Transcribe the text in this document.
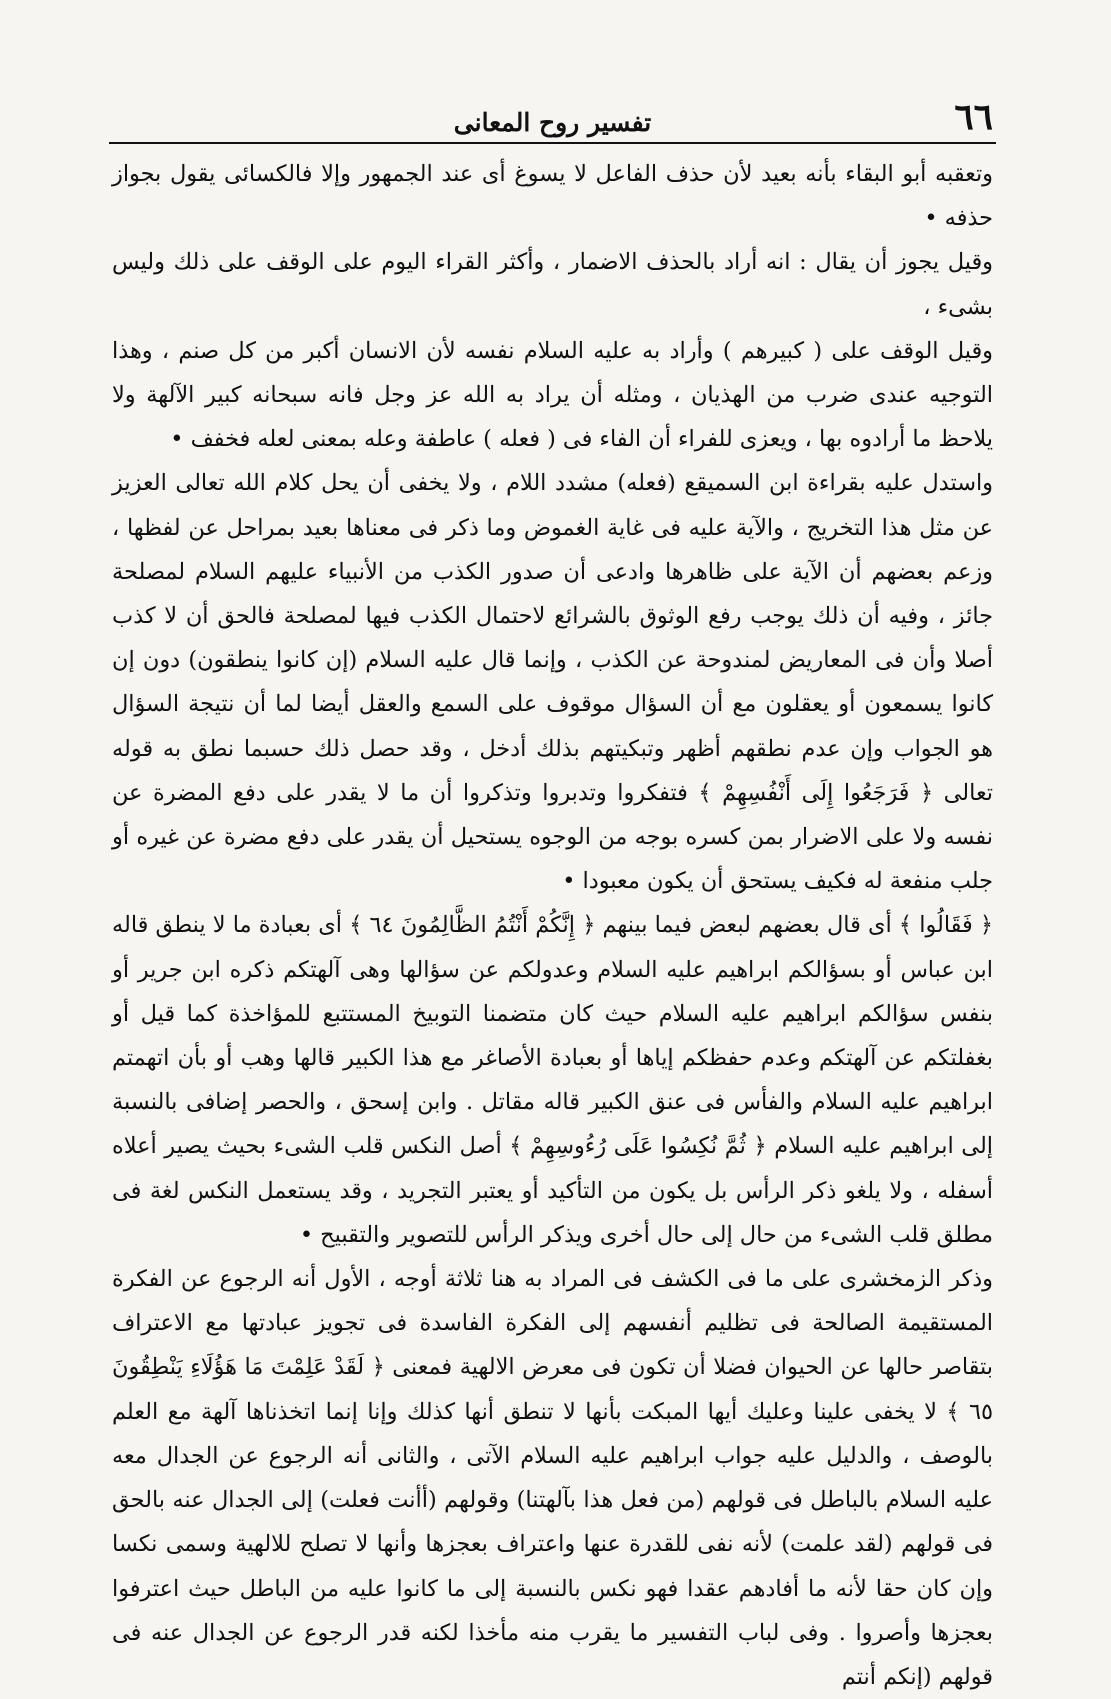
٦٦
تفسير روح المعانى

وتعقبه أبو البقاء بأنه بعيد لأن حذف الفاعل لا يسوغ أى عند الجمهور وإلا فالكسائى يقول بجواز حذفه •

وقيل يجوز أن يقال : انه أراد بالحذف الاضمار ، وأكثر القراء اليوم على الوقف على ذلك وليس بشىء ،

وقيل الوقف على ( كبيرهم ) وأراد به عليه السلام نفسه لأن الانسان أكبر من كل صنم ، وهذا التوجيه عندى ضرب من الهذيان ، ومثله أن يراد به الله عز وجل فانه سبحانه كبير الآلهة ولا يلاحظ ما أرادوه بها ، ويعزى للفراء أن الفاء فى ( فعله ) عاطفة وعله بمعنى لعله فخفف •

واستدل عليه بقراءة ابن السميقع (فعله) مشدد اللام ، ولا يخفى أن يحل كلام الله تعالى العزيز عن مثل هذا التخريج ، والآية عليه فى غاية الغموض وما ذكر فى معناها بعيد بمراحل عن لفظها ، وزعم بعضهم أن الآية على ظاهرها وادعى أن صدور الكذب من الأنبياء عليهم السلام لمصلحة جائز ، وفيه أن ذلك يوجب رفع الوثوق بالشرائع لاحتمال الكذب فيها لمصلحة فالحق أن لا كذب أصلا وأن فى المعاريض لمندوحة عن الكذب ، وإنما قال عليه السلام (إن كانوا ينطقون) دون إن كانوا يسمعون أو يعقلون مع أن السؤال موقوف على السمع والعقل أيضا لما أن نتيجة السؤال هو الجواب وإن عدم نطقهم أظهر وتبكيتهم بذلك أدخل ، وقد حصل ذلك حسبما نطق به قوله تعالى ﴿ فَرَجَعُوا إِلَى أَنْفُسِهِمْ ﴾ فتفكروا وتدبروا وتذكروا أن ما لا يقدر على دفع المضرة عن نفسه ولا على الاضرار بمن كسره بوجه من الوجوه يستحيل أن يقدر على دفع مضرة عن غيره أو جلب منفعة له فكيف يستحق أن يكون معبودا •

﴿ فَقَالُوا ﴾ أى قال بعضهم لبعض فيما بينهم ﴿ إِنَّكُمْ أَنْتُمُ الظَّالِمُونَ ٦٤ ﴾ أى بعبادة ما لا ينطق قاله ابن عباس أو بسؤالكم ابراهيم عليه السلام وعدولكم عن سؤالها وهى آلهتكم ذكره ابن جرير أو بنفس سؤالكم ابراهيم عليه السلام حيث كان متضمنا التوبيخ المستتبع للمؤاخذة كما قيل أو بغفلتكم عن آلهتكم وعدم حفظكم إياها أو بعبادة الأصاغر مع هذا الكبير قالها وهب أو بأن اتهمتم ابراهيم عليه السلام والفأس فى عنق الكبير قاله مقاتل . وابن إسحق ، والحصر إضافى بالنسبة إلى ابراهيم عليه السلام ﴿ ثُمَّ نُكِسُوا عَلَى رُءُوسِهِمْ ﴾ أصل النكس قلب الشىء بحيث يصير أعلاه أسفله ، ولا يلغو ذكر الرأس بل يكون من التأكيد أو يعتبر التجريد ، وقد يستعمل النكس لغة فى مطلق قلب الشىء من حال إلى حال أخرى ويذكر الرأس للتصوير والتقبيح •

وذكر الزمخشرى على ما فى الكشف فى المراد به هنا ثلاثة أوجه ، الأول أنه الرجوع عن الفكرة المستقيمة الصالحة فى تظليم أنفسهم إلى الفكرة الفاسدة فى تجويز عبادتها مع الاعتراف بتقاصر حالها عن الحيوان فضلا أن تكون فى معرض الالهية فمعنى ﴿ لَقَدْ عَلِمْتَ مَا هَؤُلَاءِ يَنْطِقُونَ ٦٥ ﴾ لا يخفى علينا وعليك أيها المبكت بأنها لا تنطق أنها كذلك وإنا إنما اتخذناها آلهة مع العلم بالوصف ، والدليل عليه جواب ابراهيم عليه السلام الآتى ، والثانى أنه الرجوع عن الجدال معه عليه السلام بالباطل فى قولهم (من فعل هذا بآلهتنا) وقولهم (أأنت فعلت) إلى الجدال عنه بالحق فى قولهم (لقد علمت) لأنه نفى للقدرة عنها واعتراف بعجزها وأنها لا تصلح للالهية وسمى نكسا وإن كان حقا لأنه ما أفادهم عقدا فهو نكس بالنسبة إلى ما كانوا عليه من الباطل حيث اعترفوا بعجزها وأصروا . وفى لباب التفسير ما يقرب منه مأخذا لكنه قدر الرجوع عن الجدال عنه فى قولهم (إنكم أنتم
